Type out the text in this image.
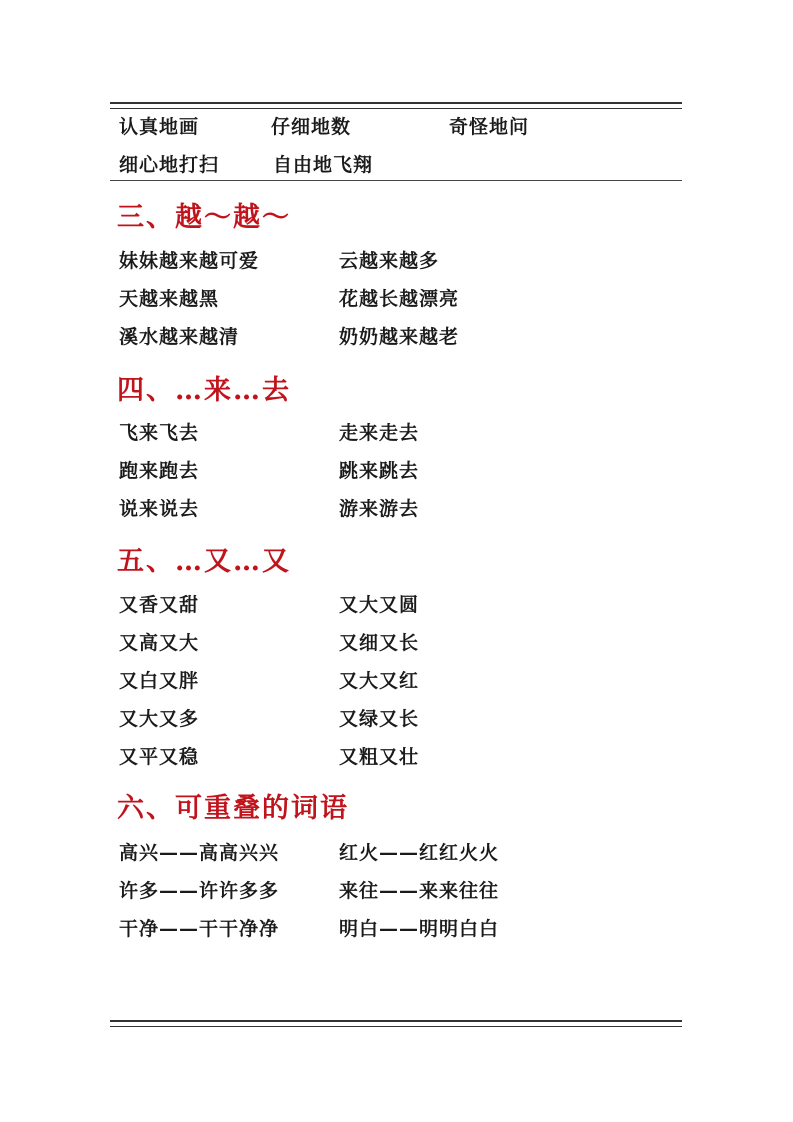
认真地画	仔细地数	奇怪地问
细心地打扫	自由地飞翔
三、越～越～
妹妹越来越可爱	云越来越多
天越来越黑	花越长越漂亮
溪水越来越清	奶奶越来越老
四、…来…去
飞来飞去	走来走去
跑来跑去	跳来跳去
说来说去	游来游去
五、…又…又
又香又甜	又大又圆
又高又大	又细又长
又白又胖	又大又红
又大又多	又绿又长
又平又稳	又粗又壮
六、可重叠的词语
高兴——高高兴兴	红火——红红火火
许多——许许多多	来往——来来往往
干净——干干净净	明白——明明白白
